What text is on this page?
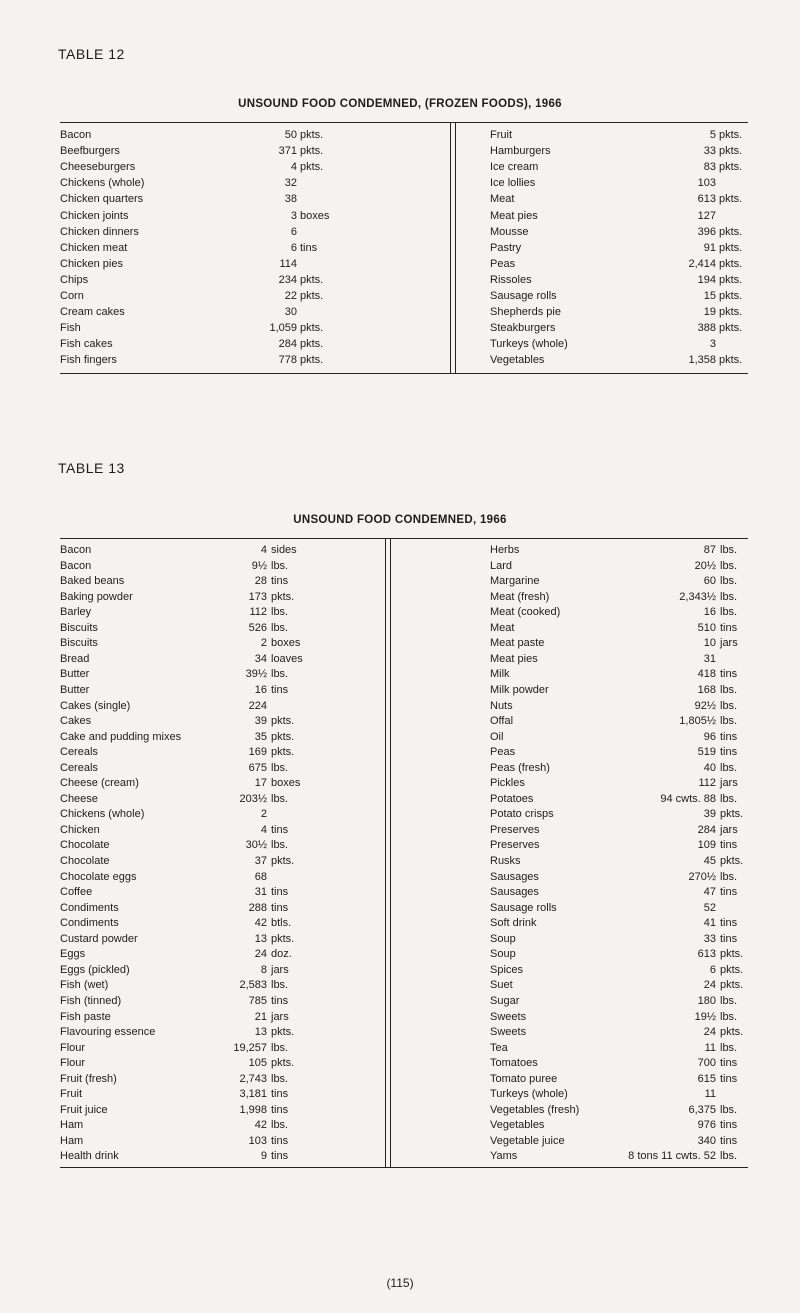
TABLE 12
UNSOUND FOOD CONDEMNED, (FROZEN FOODS), 1966
Bacon	50 pkts.
Beefburgers	371 pkts.
Cheeseburgers	4 pkts.
Chickens (whole)	32
Chicken quarters	38
Chicken joints	3 boxes
Chicken dinners	6
Chicken meat	6 tins
Chicken pies	114
Chips	234 pkts.
Corn	22 pkts.
Cream cakes	30
Fish	1,059 pkts.
Fish cakes	284 pkts.
Fish fingers	778 pkts.
Fruit	5 pkts.
Hamburgers	33 pkts.
Ice cream	83 pkts.
Ice lollies	103
Meat	613 pkts.
Meat pies	127
Mousse	396 pkts.
Pastry	91 pkts.
Peas	2,414 pkts.
Rissoles	194 pkts.
Sausage rolls	15 pkts.
Shepherds pie	19 pkts.
Steakburgers	388 pkts.
Turkeys (whole)	3
Vegetables	1,358 pkts.
TABLE 13
UNSOUND FOOD CONDEMNED, 1966
Bacon	4 sides
Bacon	9½ lbs.
Baked beans	28 tins
Baking powder	173 pkts.
Barley	112 lbs.
Biscuits	526 lbs.
Biscuits	2 boxes
Bread	34 loaves
Butter	39½ lbs.
Butter	16 tins
Cakes (single)	224
Cakes	39 pkts.
Cake and pudding mixes	35 pkts.
Cereals	169 pkts.
Cereals	675 lbs.
Cheese (cream)	17 boxes
Cheese	203½ lbs.
Chickens (whole)	2
Chicken	4 tins
Chocolate	30½ lbs.
Chocolate	37 pkts.
Chocolate eggs	68
Coffee	31 tins
Condiments	288 tins
Condiments	42 btls.
Custard powder	13 pkts.
Eggs	24 doz.
Eggs (pickled)	8 jars
Fish (wet)	2,583 lbs.
Fish (tinned)	785 tins
Fish paste	21 jars
Flavouring essence	13 pkts.
Flour	19,257 lbs.
Flour	105 pkts.
Fruit (fresh)	2,743 lbs.
Fruit	3,181 tins
Fruit juice	1,998 tins
Ham	42 lbs.
Ham	103 tins
Health drink	9 tins
Herbs	87 lbs.
Lard	20½ lbs.
Margarine	60 lbs.
Meat (fresh)	2,343½ lbs.
Meat (cooked)	16 lbs.
Meat	510 tins
Meat paste	10 jars
Meat pies	31
Milk	418 tins
Milk powder	168 lbs.
Nuts	92½ lbs.
Offal	1,805½ lbs.
Oil	96 tins
Peas	519 tins
Peas (fresh)	40 lbs.
Pickles	112 jars
Potatoes	94 cwts. 88 lbs.
Potato crisps	39 pkts.
Preserves	284 jars
Preserves	109 tins
Rusks	45 pkts.
Sausages	270½ lbs.
Sausages	47 tins
Sausage rolls	52
Soft drink	41 tins
Soup	33 tins
Soup	613 pkts.
Spices	6 pkts.
Suet	24 pkts.
Sugar	180 lbs.
Sweets	19½ lbs.
Sweets	24 pkts.
Tea	11 lbs.
Tomatoes	700 tins
Tomato puree	615 tins
Turkeys (whole)	11
Vegetables (fresh)	6,375 lbs.
Vegetables	976 tins
Vegetable juice	340 tins
Yams	8 tons 11 cwts. 52 lbs.
(115)
